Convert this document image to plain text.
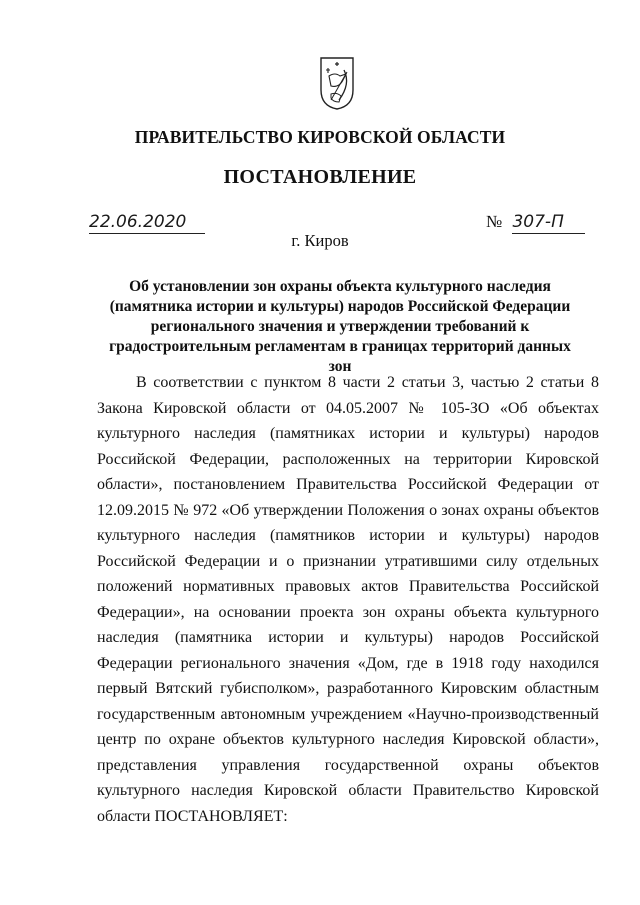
ПРАВИТЕЛЬСТВО КИРОВСКОЙ ОБЛАСТИ
ПОСТАНОВЛЕНИЕ
22.06.2020	№ 307-П
г. Киров
Об установлении зон охраны объекта культурного наследия (памятника истории и культуры) народов Российской Федерации регионального значения и утверждении требований к градостроительным регламентам в границах территорий данных зон
В соответствии с пунктом 8 части 2 статьи 3, частью 2 статьи 8 Закона Кировской области от 04.05.2007 № 105-ЗО «Об объектах культурного наследия (памятниках истории и культуры) народов Российской Федерации, расположенных на территории Кировской области», постановлением Правительства Российской Федерации от 12.09.2015 № 972 «Об утверждении Положения о зонах охраны объектов культурного наследия (памятников истории и культуры) народов Российской Федерации и о признании утратившими силу отдельных положений нормативных правовых актов Правительства Российской Федерации», на основании проекта зон охраны объекта культурного наследия (памятника истории и культуры) народов Российской Федерации регионального значения «Дом, где в 1918 году находился первый Вятский губисполком», разработанного Кировским областным государственным автономным учреждением «Научно-производственный центр по охране объектов культурного наследия Кировской области», представления управления государственной охраны объектов культурного наследия Кировской области Правительство Кировской области ПОСТАНОВЛЯЕТ:
